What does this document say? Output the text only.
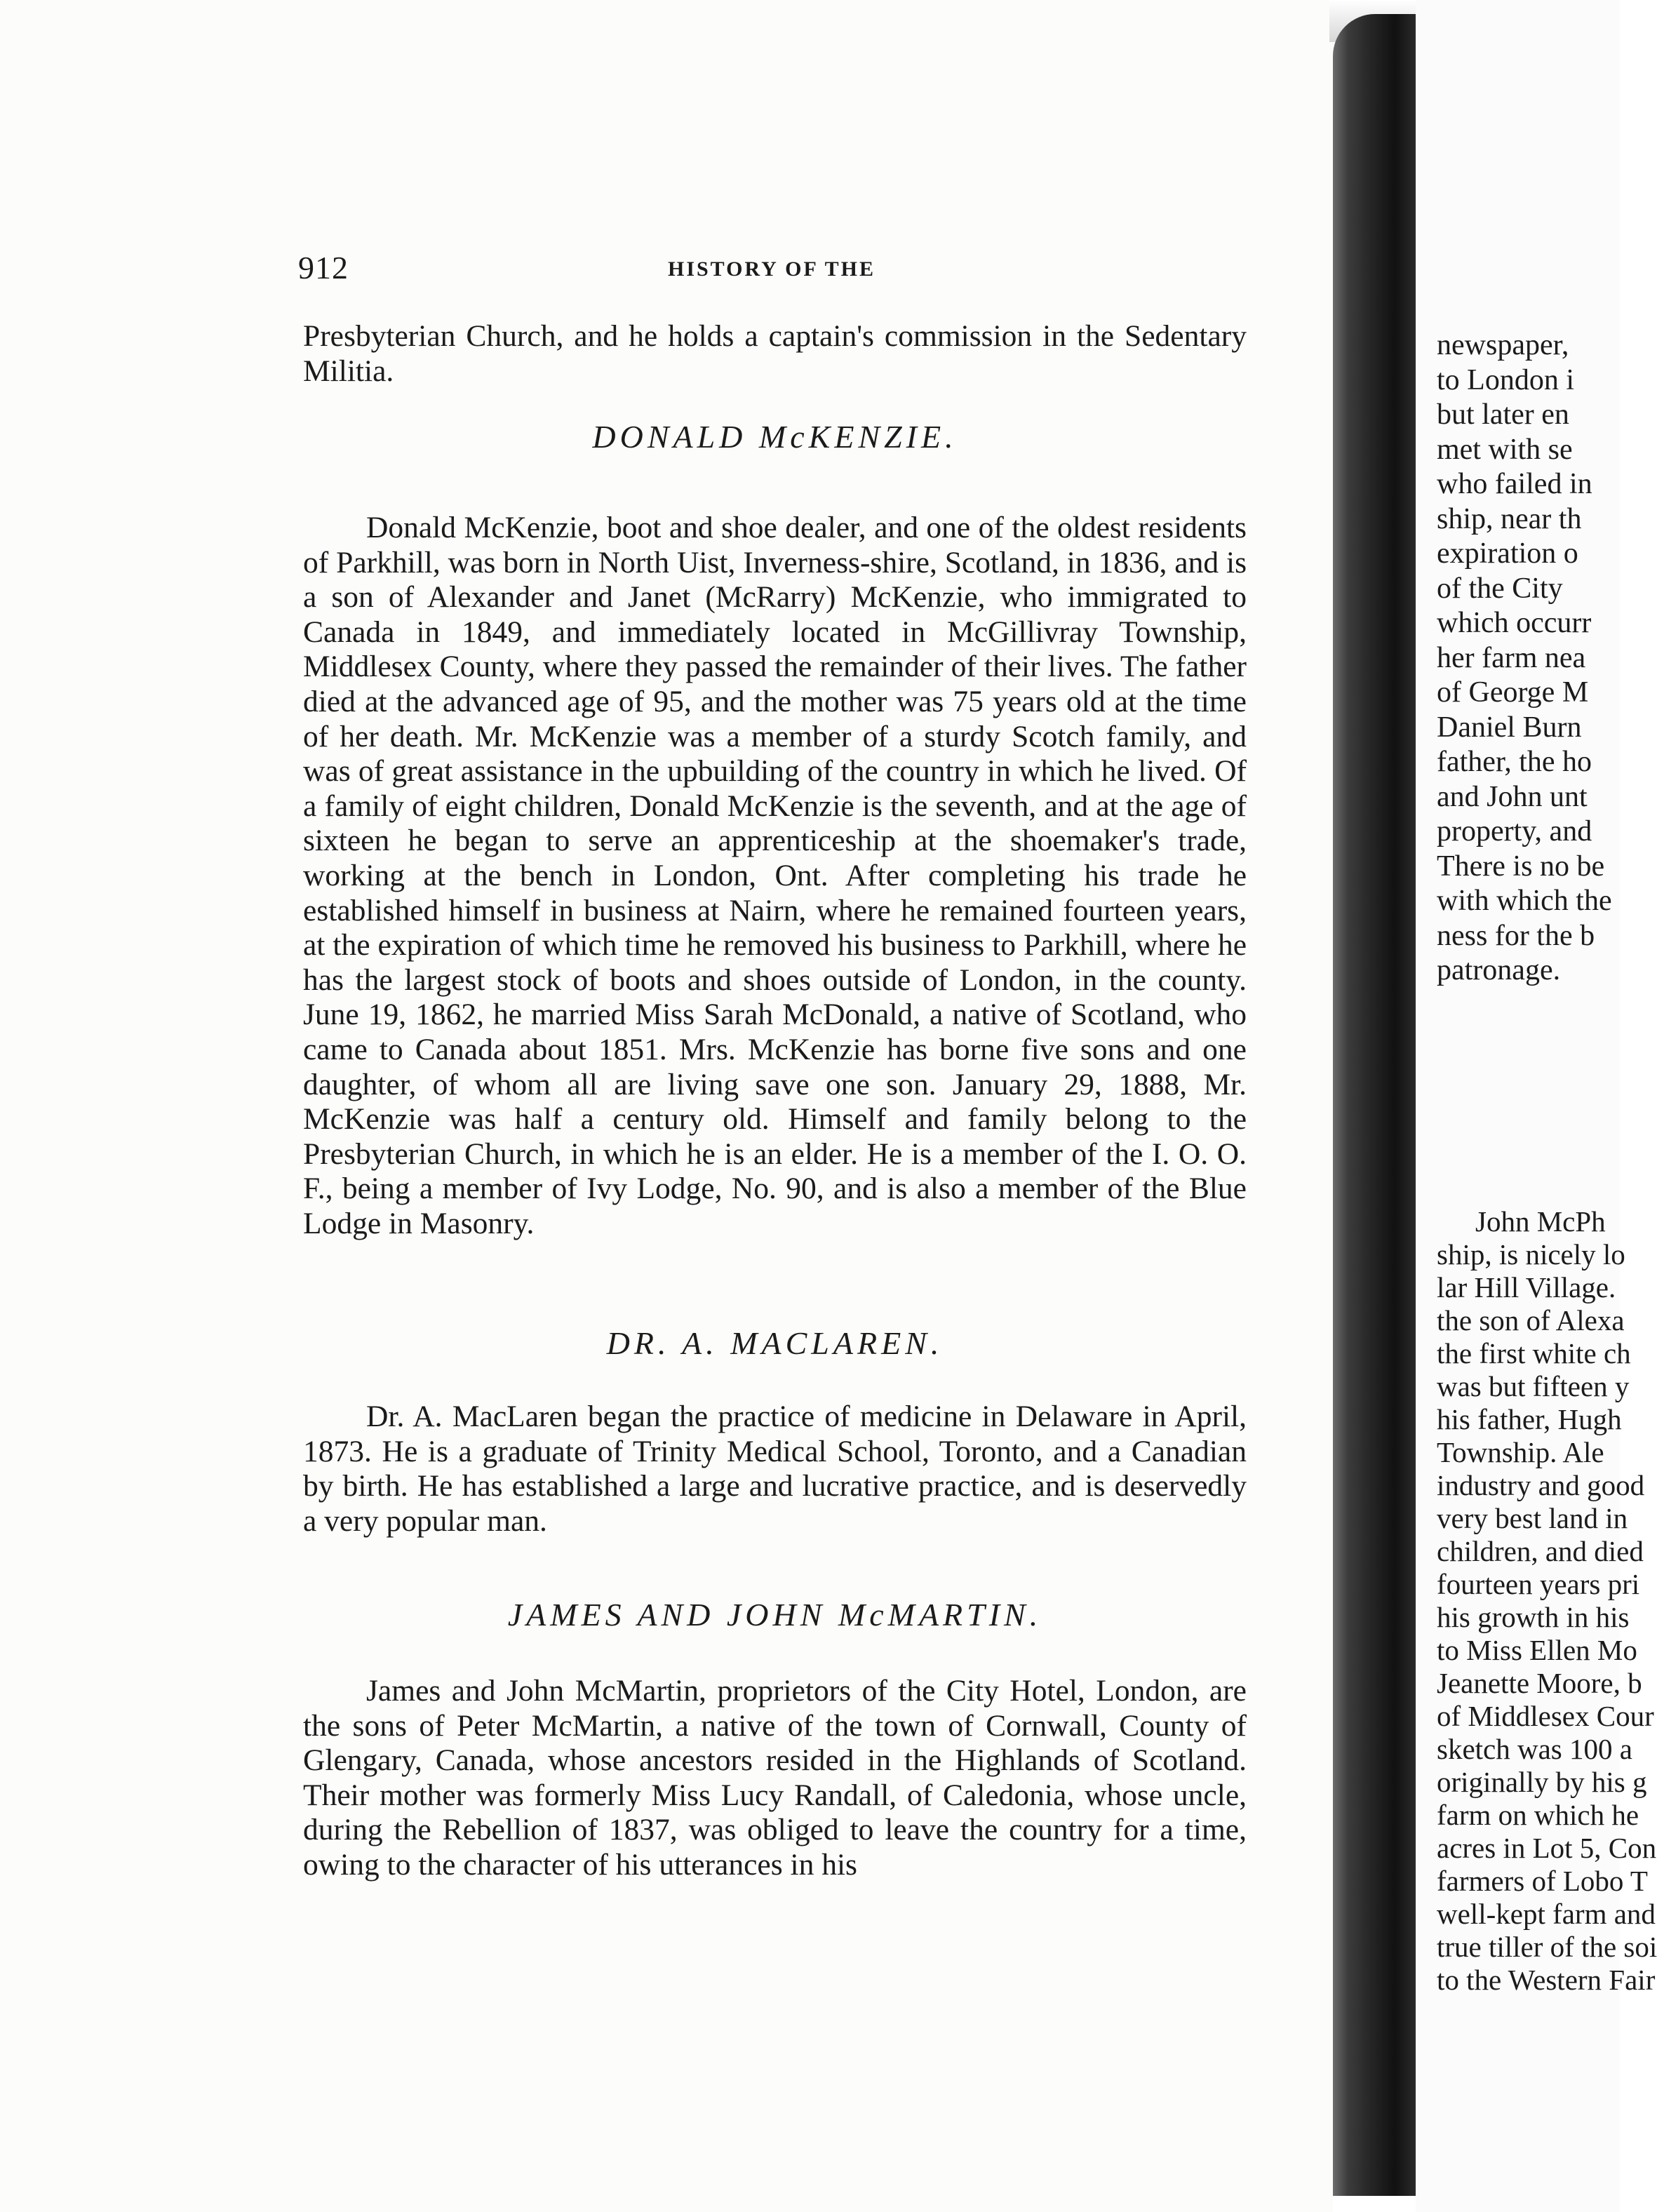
912	HISTORY OF THE

Presbyterian Church, and he holds a captain's commission in the Sedentary Militia.

DONALD McKENZIE.

Donald McKenzie, boot and shoe dealer, and one of the oldest residents of Parkhill, was born in North Uist, Inverness-shire, Scotland, in 1836, and is a son of Alexander and Janet (McRarry) McKenzie, who immigrated to Canada in 1849, and immediately located in McGillivray Township, Middlesex County, where they passed the remainder of their lives. The father died at the advanced age of 95, and the mother was 75 years old at the time of her death. Mr. McKenzie was a member of a sturdy Scotch family, and was of great assistance in the upbuilding of the country in which he lived. Of a family of eight children, Donald McKenzie is the seventh, and at the age of sixteen he began to serve an apprenticeship at the shoemaker's trade, working at the bench in London, Ont. After completing his trade he established himself in business at Nairn, where he remained fourteen years, at the expiration of which time he removed his business to Parkhill, where he has the largest stock of boots and shoes outside of London, in the county. June 19, 1862, he married Miss Sarah McDonald, a native of Scotland, who came to Canada about 1851. Mrs. McKenzie has borne five sons and one daughter, of whom all are living save one son. January 29, 1888, Mr. McKenzie was half a century old. Himself and family belong to the Presbyterian Church, in which he is an elder. He is a member of the I. O. O. F., being a member of Ivy Lodge, No. 90, and is also a member of the Blue Lodge in Masonry.

DR. A. MACLAREN.

Dr. A. MacLaren began the practice of medicine in Delaware in April, 1873. He is a graduate of Trinity Medical School, Toronto, and a Canadian by birth. He has established a large and lucrative practice, and is deservedly a very popular man.

JAMES AND JOHN McMARTIN.

James and John McMartin, proprietors of the City Hotel, London, are the sons of Peter McMartin, a native of the town of Cornwall, County of Glengary, Canada, whose ancestors resided in the Highlands of Scotland. Their mother was formerly Miss Lucy Randall, of Caledonia, whose uncle, during the Rebellion of 1837, was obliged to leave the country for a time, owing to the character of his utterances in his

newspaper,
to London i
but later en
met with se
who failed in
ship, near th
expiration o
of the City
which occurr
her farm nea
of George M
Daniel Burn
father, the ho
and John unt
property, and
There is no be
with which the
ness for the b
patronage.
John McPh
ship, is nicely lo
lar Hill Village.
the son of Alexa
the first white ch
was but fifteen y
his father, Hugh
Township. Ale
industry and good
very best land in
children, and died
fourteen years pri
his growth in his
to Miss Ellen Mo
Jeanette Moore, b
of Middlesex Cour
sketch was 100 a
originally by his g
farm on which he
acres in Lot 5, Con
farmers of Lobo T
well-kept farm and
true tiller of the soi
to the Western Fair
